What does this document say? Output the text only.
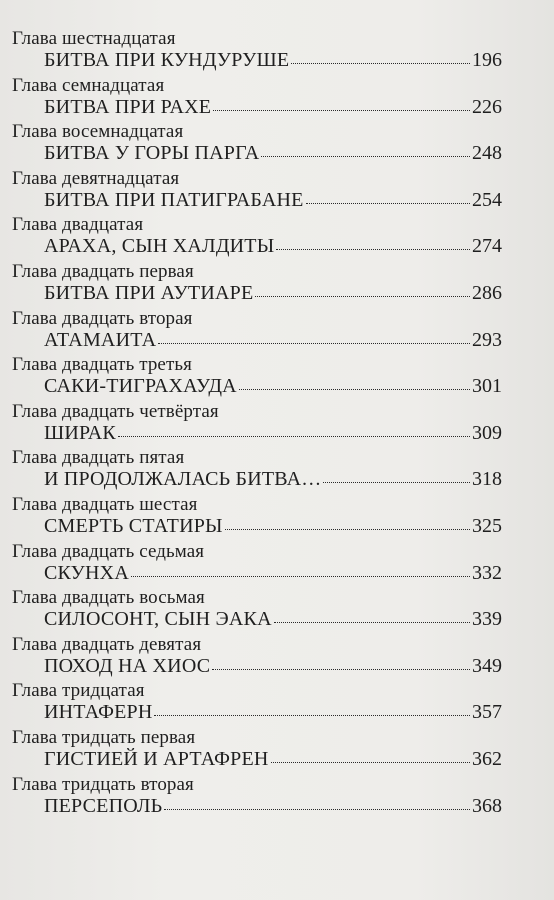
Глава шестнадцатая
БИТВА ПРИ КУНДУРУШЕ	196
Глава семнадцатая
БИТВА ПРИ РАХЕ	226
Глава восемнадцатая
БИТВА У ГОРЫ ПАРГА	248
Глава девятнадцатая
БИТВА ПРИ ПАТИГРАБАНЕ	254
Глава двадцатая
АРАХА, СЫН ХАЛДИТЫ	274
Глава двадцать первая
БИТВА ПРИ АУТИАРЕ	286
Глава двадцать вторая
АТАМАИТА	293
Глава двадцать третья
САКИ-ТИГРАХАУДА	301
Глава двадцать четвёртая
ШИРАК	309
Глава двадцать пятая
И ПРОДОЛЖАЛАСЬ БИТВА…	318
Глава двадцать шестая
СМЕРТЬ СТАТИРЫ	325
Глава двадцать седьмая
СКУНХА	332
Глава двадцать восьмая
СИЛОСОНТ, СЫН ЭАКА	339
Глава двадцать девятая
ПОХОД НА ХИОС	349
Глава тридцатая
ИНТАФЕРН	357
Глава тридцать первая
ГИСТИЕЙ И АРТАФРЕН	362
Глава тридцать вторая
ПЕРСЕПОЛЬ	368
